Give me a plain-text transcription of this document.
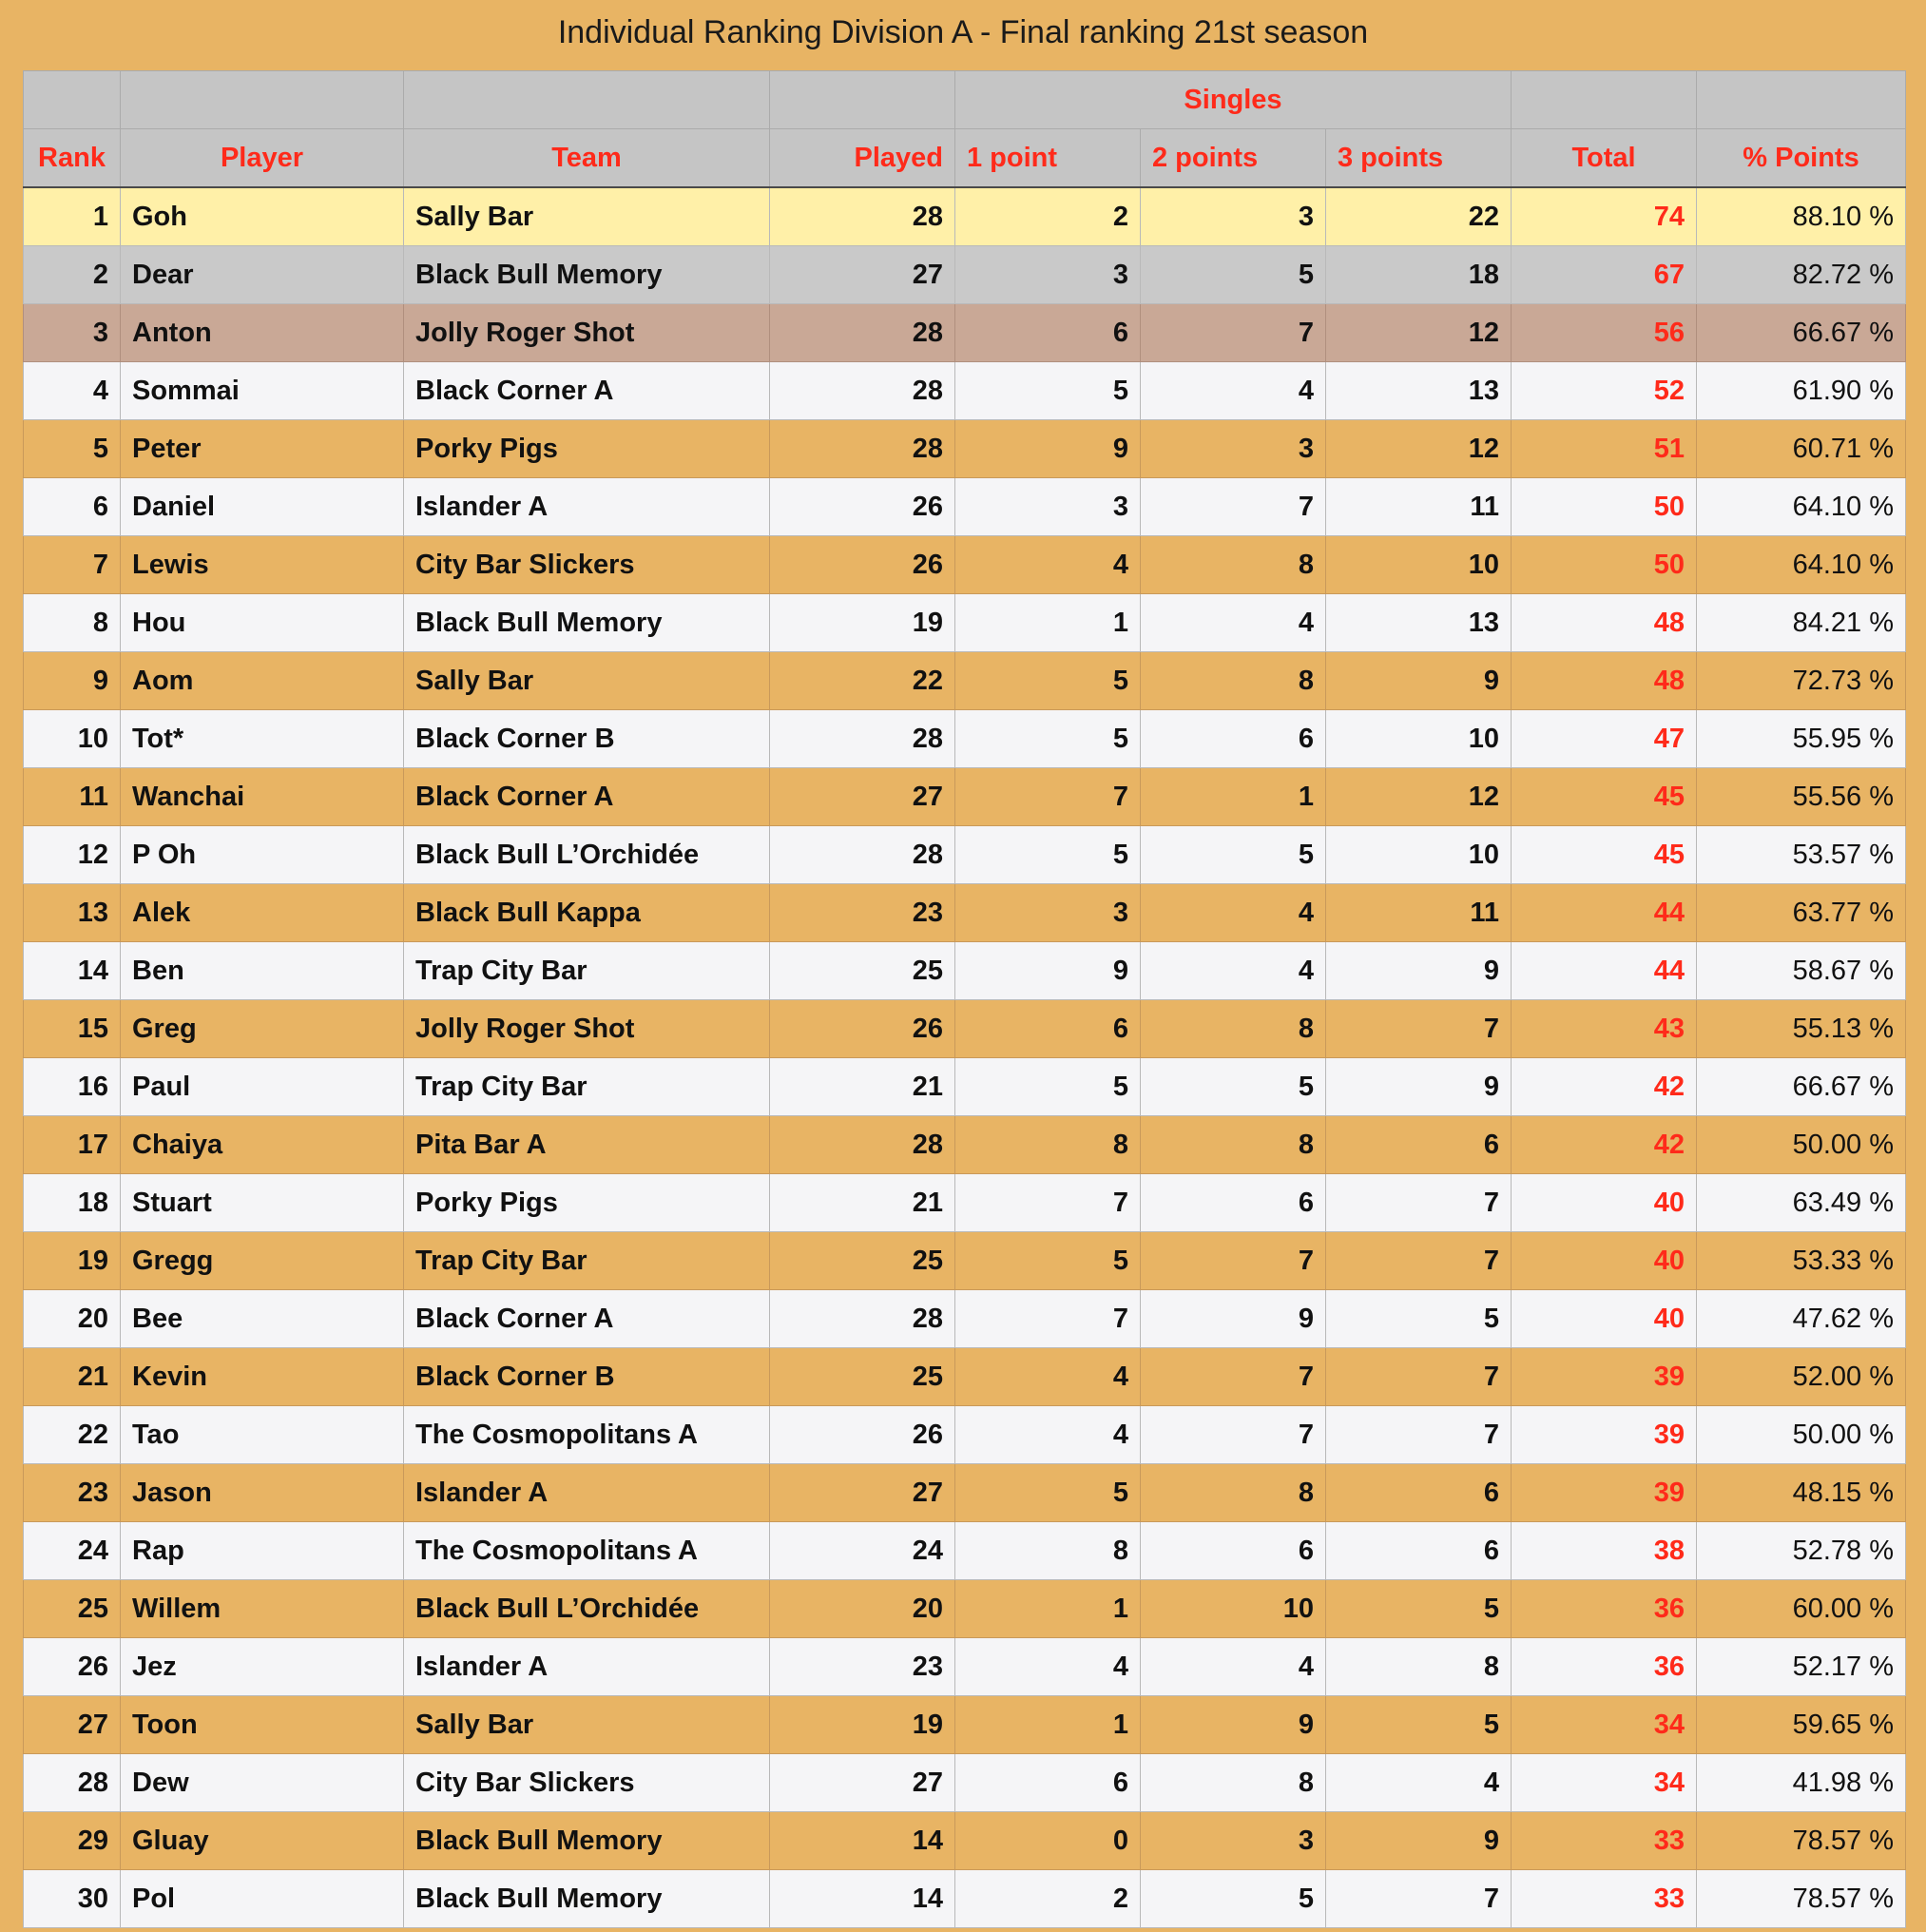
Individual Ranking Division A - Final ranking 21st season
				Singles				
Rank	Player	Team	Played	1 point	2 points	3 points	Total	% Points
1	Goh	Sally Bar	28	2	3	22	74	88.10 %
2	Dear	Black Bull Memory	27	3	5	18	67	82.72 %
3	Anton	Jolly Roger Shot	28	6	7	12	56	66.67 %
4	Sommai	Black Corner A	28	5	4	13	52	61.90 %
5	Peter	Porky Pigs	28	9	3	12	51	60.71 %
6	Daniel	Islander A	26	3	7	11	50	64.10 %
7	Lewis	City Bar Slickers	26	4	8	10	50	64.10 %
8	Hou	Black Bull Memory	19	1	4	13	48	84.21 %
9	Aom	Sally Bar	22	5	8	9	48	72.73 %
10	Tot*	Black Corner B	28	5	6	10	47	55.95 %
11	Wanchai	Black Corner A	27	7	1	12	45	55.56 %
12	P Oh	Black Bull L’Orchidée	28	5	5	10	45	53.57 %
13	Alek	Black Bull Kappa	23	3	4	11	44	63.77 %
14	Ben	Trap City Bar	25	9	4	9	44	58.67 %
15	Greg	Jolly Roger Shot	26	6	8	7	43	55.13 %
16	Paul	Trap City Bar	21	5	5	9	42	66.67 %
17	Chaiya	Pita Bar A	28	8	8	6	42	50.00 %
18	Stuart	Porky Pigs	21	7	6	7	40	63.49 %
19	Gregg	Trap City Bar	25	5	7	7	40	53.33 %
20	Bee	Black Corner A	28	7	9	5	40	47.62 %
21	Kevin	Black Corner B	25	4	7	7	39	52.00 %
22	Tao	The Cosmopolitans A	26	4	7	7	39	50.00 %
23	Jason	Islander A	27	5	8	6	39	48.15 %
24	Rap	The Cosmopolitans A	24	8	6	6	38	52.78 %
25	Willem	Black Bull L’Orchidée	20	1	10	5	36	60.00 %
26	Jez	Islander A	23	4	4	8	36	52.17 %
27	Toon	Sally Bar	19	1	9	5	34	59.65 %
28	Dew	City Bar Slickers	27	6	8	4	34	41.98 %
29	Gluay	Black Bull Memory	14	0	3	9	33	78.57 %
30	Pol	Black Bull Memory	14	2	5	7	33	78.57 %
